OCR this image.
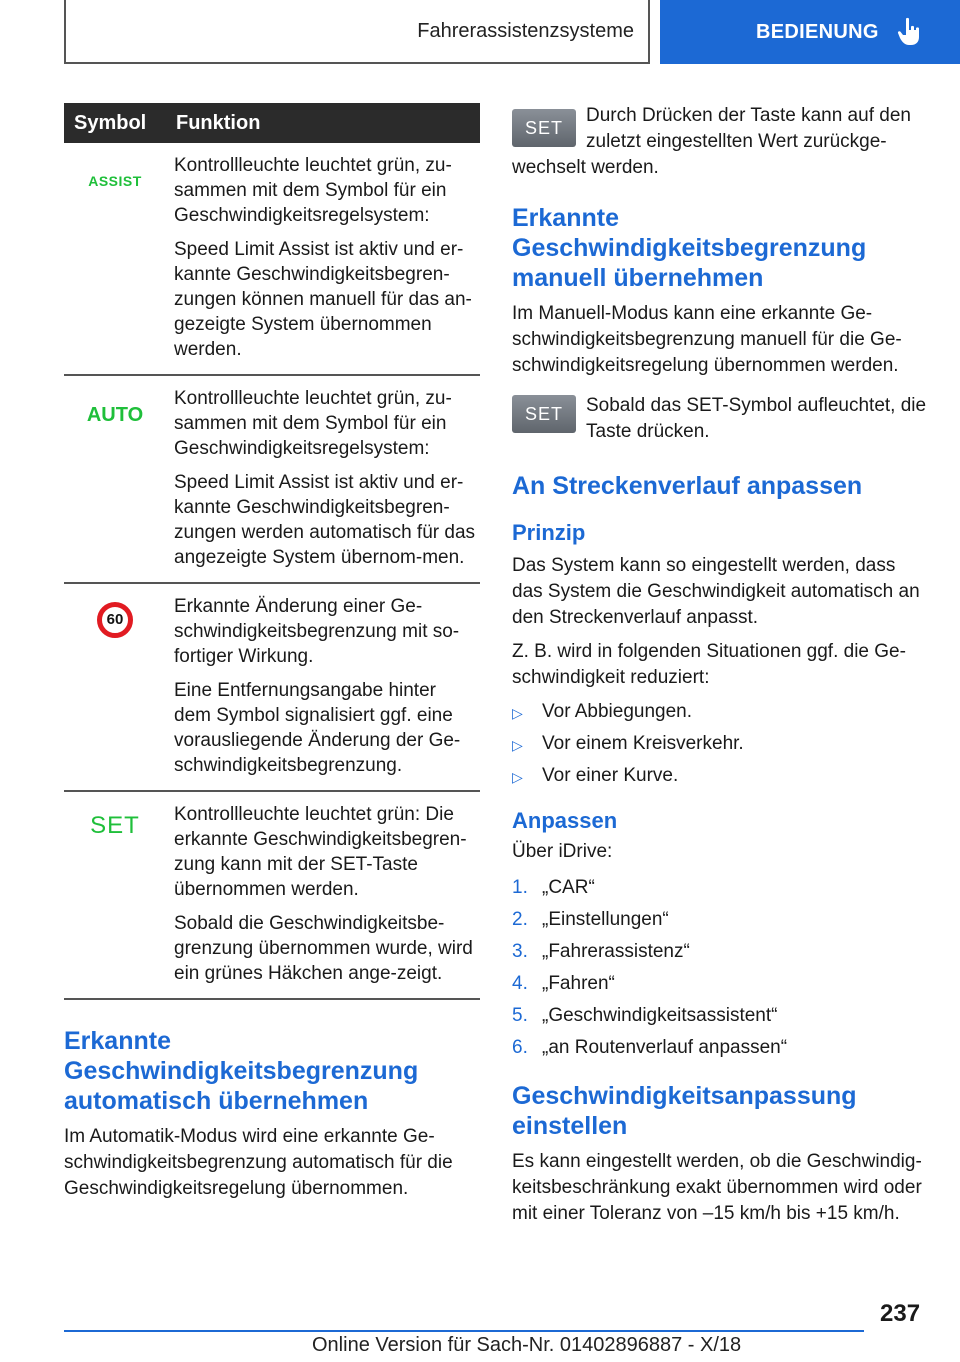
Fahrerassistenzsysteme	BEDIENUNG
Symbol	Funktion
ASSIST	Kontrollleuchte leuchtet grün, zu-sammen mit dem Symbol für ein Geschwindigkeitsregelsystem:

Speed Limit Assist ist aktiv und er-kannte Geschwindigkeitsbegren-zungen können manuell für das an-gezeigte System übernommen werden.

AUTO	Kontrollleuchte leuchtet grün, zu-sammen mit dem Symbol für ein Geschwindigkeitsregelsystem:

Speed Limit Assist ist aktiv und er-kannte Geschwindigkeitsbegren-zungen werden automatisch für das angezeigte System übernom-men.

60	Erkannte Änderung einer Ge-schwindigkeitsbegrenzung mit so-fortiger Wirkung.

Eine Entfernungsangabe hinter dem Symbol signalisiert ggf. eine vorausliegende Änderung der Ge-schwindigkeitsbegrenzung.

SET	Kontrollleuchte leuchtet grün: Die erkannte Geschwindigkeitsbegren-zung kann mit der SET-Taste übernommen werden.

Sobald die Geschwindigkeitsbe-grenzung übernommen wurde, wird ein grünes Häkchen ange-zeigt.

Erkannte Geschwindigkeitsbegrenzung automatisch übernehmen

Im Automatik-Modus wird eine erkannte Ge-schwindigkeitsbegrenzung automatisch für die Geschwindigkeitsregelung übernommen.

SET

Durch Drücken der Taste kann auf den zuletzt eingestellten Wert zurückge-wechselt werden.

Erkannte Geschwindigkeitsbegrenzung manuell übernehmen

Im Manuell-Modus kann eine erkannte Ge-schwindigkeitsbegrenzung manuell für die Ge-schwindigkeitsregelung übernommen werden.

SET	Sobald das SET-Symbol aufleuchtet, die Taste drücken.

An Streckenverlauf anpassen
Prinzip

Das System kann so eingestellt werden, dass das System die Geschwindigkeit automatisch an den Streckenverlauf anpasst.

Z. B. wird in folgenden Situationen ggf. die Ge-schwindigkeit reduziert:

▷ Vor Abbiegungen.
▷ Vor einem Kreisverkehr.
▷ Vor einer Kurve.
Anpassen

Über iDrive:

1. „CAR“
2. „Einstellungen“
3. „Fahrerassistenz“
4. „Fahren“
5. „Geschwindigkeitsassistent“
6. „an Routenverlauf anpassen“
Geschwindigkeitsanpassung einstellen

Es kann eingestellt werden, ob die Geschwindig-keitsbeschränkung exakt übernommen wird oder mit einer Toleranz von –15 km/h bis +15 km/h.

237
Online Version für Sach-Nr. 01402896887 - X/18
